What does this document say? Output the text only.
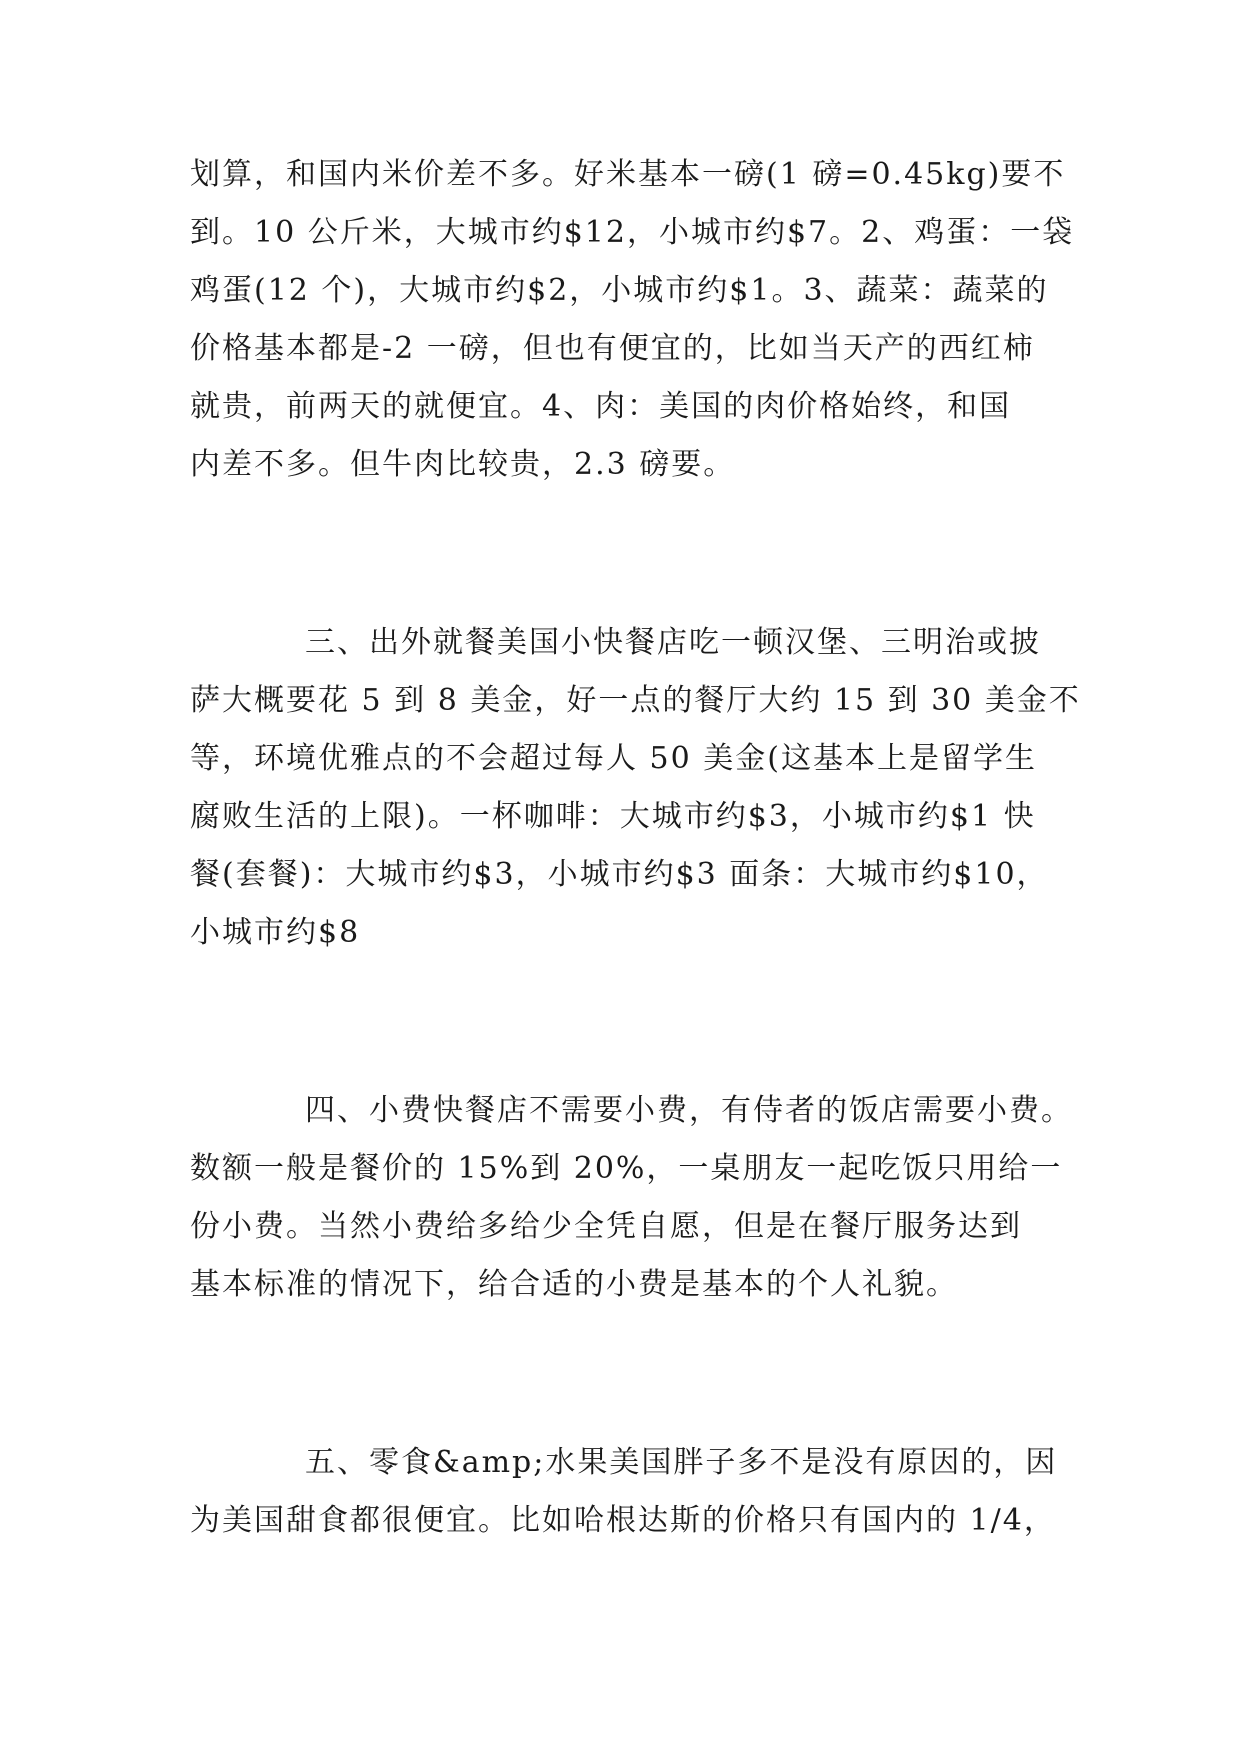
划算，和国内米价差不多。好米基本一磅(1 磅=0.45kg)要不
到。10 公斤米，大城市约$12，小城市约$7。2、鸡蛋：一袋
鸡蛋(12 个)，大城市约$2，小城市约$1。3、蔬菜：蔬菜的
价格基本都是-2 一磅，但也有便宜的，比如当天产的西红柿
就贵，前两天的就便宜。4、肉：美国的肉价格始终，和国
内差不多。但牛肉比较贵，2.3 磅要。
三、出外就餐美国小快餐店吃一顿汉堡、三明治或披
萨大概要花 5 到 8 美金，好一点的餐厅大约 15 到 30 美金不
等，环境优雅点的不会超过每人 50 美金(这基本上是留学生
腐败生活的上限)。一杯咖啡：大城市约$3，小城市约$1 快
餐(套餐)：大城市约$3，小城市约$3 面条：大城市约$10，
小城市约$8
四、小费快餐店不需要小费，有侍者的饭店需要小费。
数额一般是餐价的 15%到 20%，一桌朋友一起吃饭只用给一
份小费。当然小费给多给少全凭自愿，但是在餐厅服务达到
基本标准的情况下，给合适的小费是基本的个人礼貌。
五、零食&amp;水果美国胖子多不是没有原因的，因
为美国甜食都很便宜。比如哈根达斯的价格只有国内的 1/4，
